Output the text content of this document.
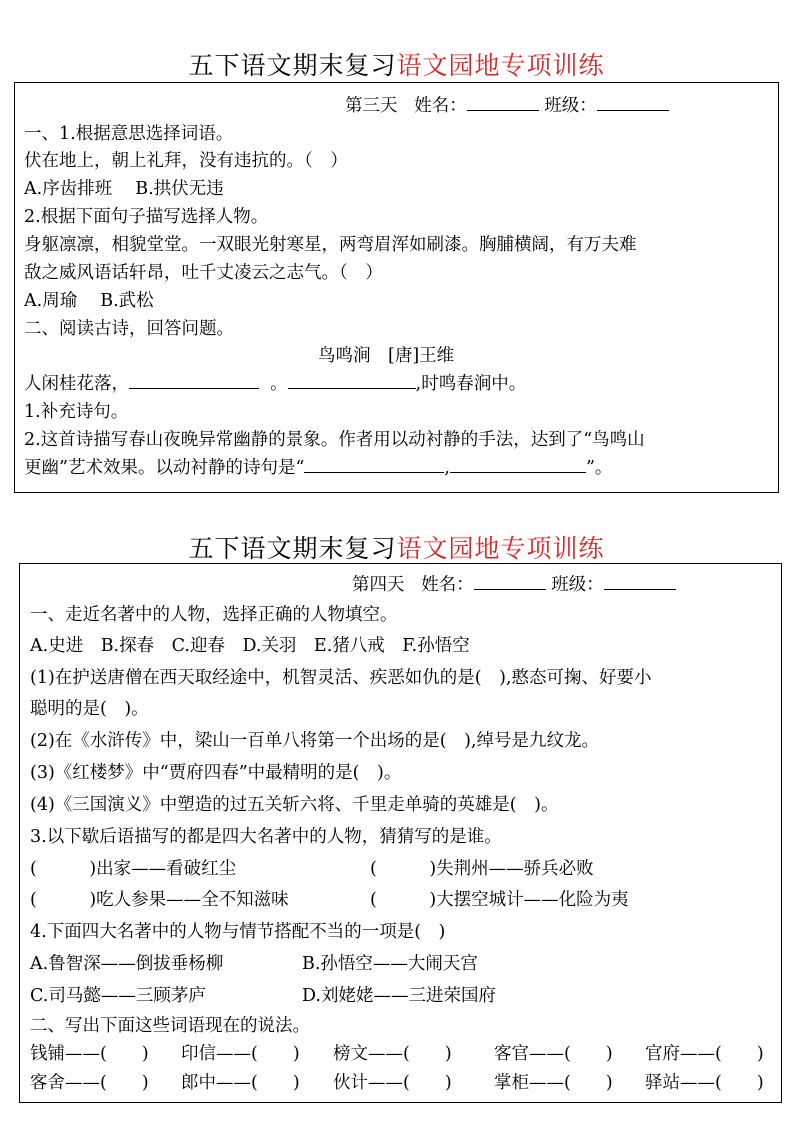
五下语文期末复习语文园地专项训练
第三天 姓名：	班级：
一、1.根据意思选择词语。
伏在地上，朝上礼拜，没有违抗的。（　）
A.序齿排班　 B.拱伏无违
2.根据下面句子描写选择人物。
身躯凛凛，相貌堂堂。一双眼光射寒星，两弯眉浑如刷漆。胸脯横阔，有万夫难
敌之威风语话轩昂，吐千丈凌云之志气。（　）
A.周瑜　 B.武松
二、阅读古诗，回答问题。
鸟鸣涧　[唐]王维
人闲桂花落，	。	,时鸣春涧中。
1.补充诗句。
2.这首诗描写春山夜晚异常幽静的景象。作者用以动衬静的手法，达到了“鸟鸣山
更幽”艺术效果。以动衬静的诗句是“	,	”。
五下语文期末复习语文园地专项训练
第四天 姓名：	班级：
一、走近名著中的人物，选择正确的人物填空。
A.史进　B.探春　C.迎春　D.关羽　E.猪八戒　F.孙悟空
(1)在护送唐僧在西天取经途中，机智灵活、疾恶如仇的是(　),憨态可掬、好要小
聪明的是(　)。
(2)在《水浒传》中，梁山一百单八将第一个出场的是(　),绰号是九纹龙。
(3)《红楼梦》中“贾府四春”中最精明的是(　)。
(4)《三国演义》中塑造的过五关斩六将、千里走单骑的英雄是(　)。
3.以下歇后语描写的都是四大名著中的人物，猜猜写的是谁。
(　　　)出家——看破红尘	(　　　)失荆州——骄兵必败
(　　　)吃人参果——全不知滋味	(　　　)大摆空城计——化险为夷
4.下面四大名著中的人物与情节搭配不当的一项是(　)
A.鲁智深——倒拔垂杨柳	B.孙悟空——大闹天宫
C.司马懿——三顾茅庐	D.刘姥姥——三进荣国府
二、写出下面这些词语现在的说法。
钱铺——(　　) 印信——(　　) 榜文——(　　) 客官——(　　) 官府——(　　)
客舍——(　　) 郎中——(　　) 伙计——(　　) 掌柜——(　　) 驿站——(　　)
